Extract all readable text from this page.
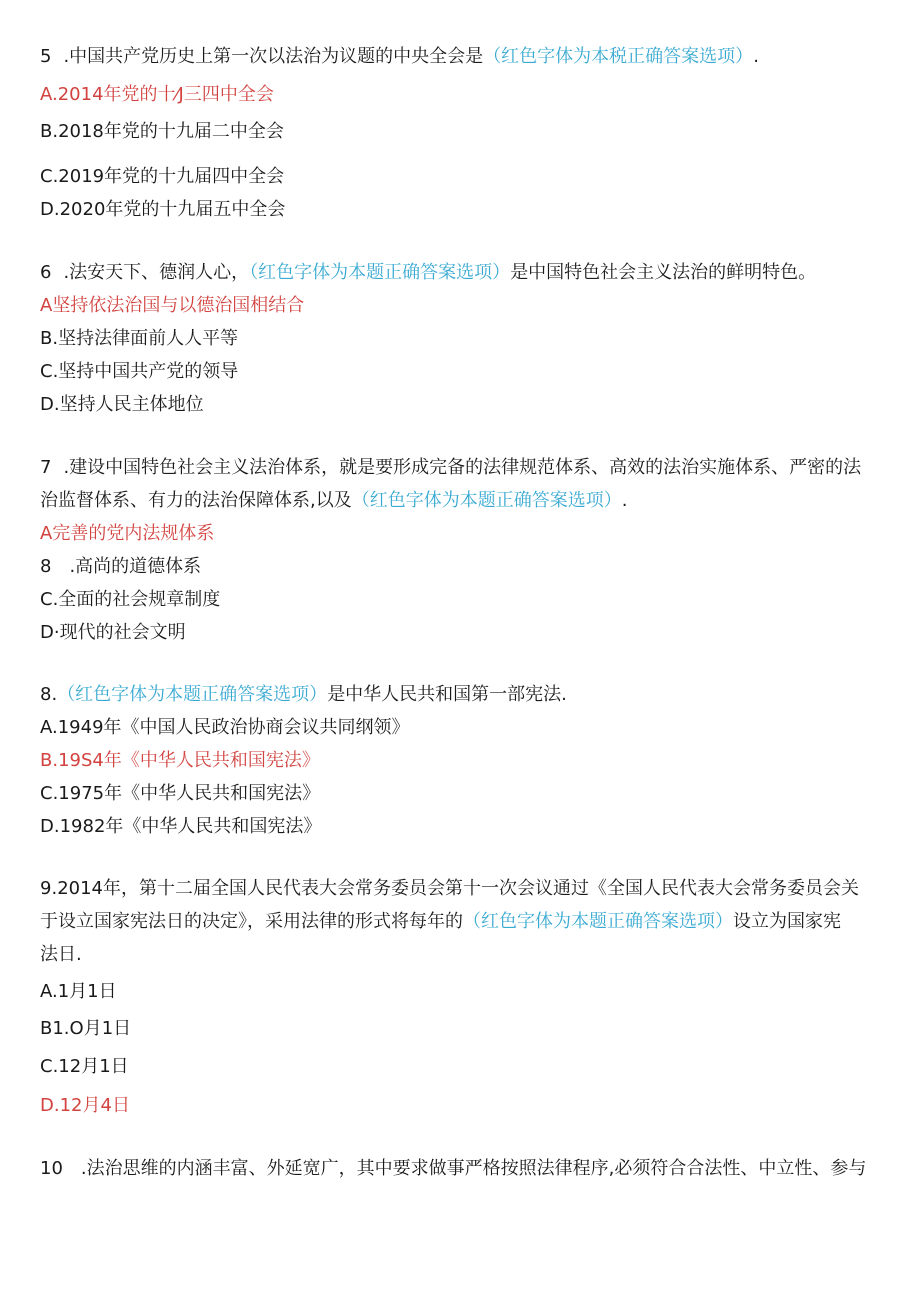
5 .中国共产党历史上第一次以法治为议题的中央全会是（红色字体为本税正确答案选项）.
A.2014年党的十⁄J三四中全会
B.2018年党的十九届二中全会
C.2019年党的十九届四中全会
D.2020年党的十九届五中全会
6 .法安天下、德润人心，（红色字体为本题正确答案选项）是中国特色社会主义法治的鲜明特色。
A坚持依法治国与以德治国相结合
B.坚持法律面前人人平等
C.坚持中国共产党的领导
D.坚持人民主体地位
7 .建设中国特色社会主义法治体系，就是要形成完备的法律规范体系、高效的法治实施体系、严密的法
治监督体系、有力的法治保障体系,以及（红色字体为本题正确答案选项）.
A完善的党内法规体系
8　.高尚的道德体系
C.全面的社会规章制度
D·现代的社会文明
8.（红色字体为本题正确答案选项）是中华人民共和国第一部宪法.
A.1949年《中国人民政治协商会议共同纲领》
B.19S4年《中华人民共和国宪法》
C.1975年《中华人民共和国宪法》
D.1982年《中华人民共和国宪法》
9.2014年，第十二届全国人民代表大会常务委员会第十一次会议通过《全国人民代表大会常务委员会关
于设立国家宪法日的决定》，采用法律的形式将每年的（红色字体为本题正确答案选项）设立为国家宪
法日.
A.1月1日
B1.O月1日
C.12月1日
D.12月4日
10　.法治思维的内涵丰富、外延宽广，其中要求做事严格按照法律程序,必须符合合法性、中立性、参与
